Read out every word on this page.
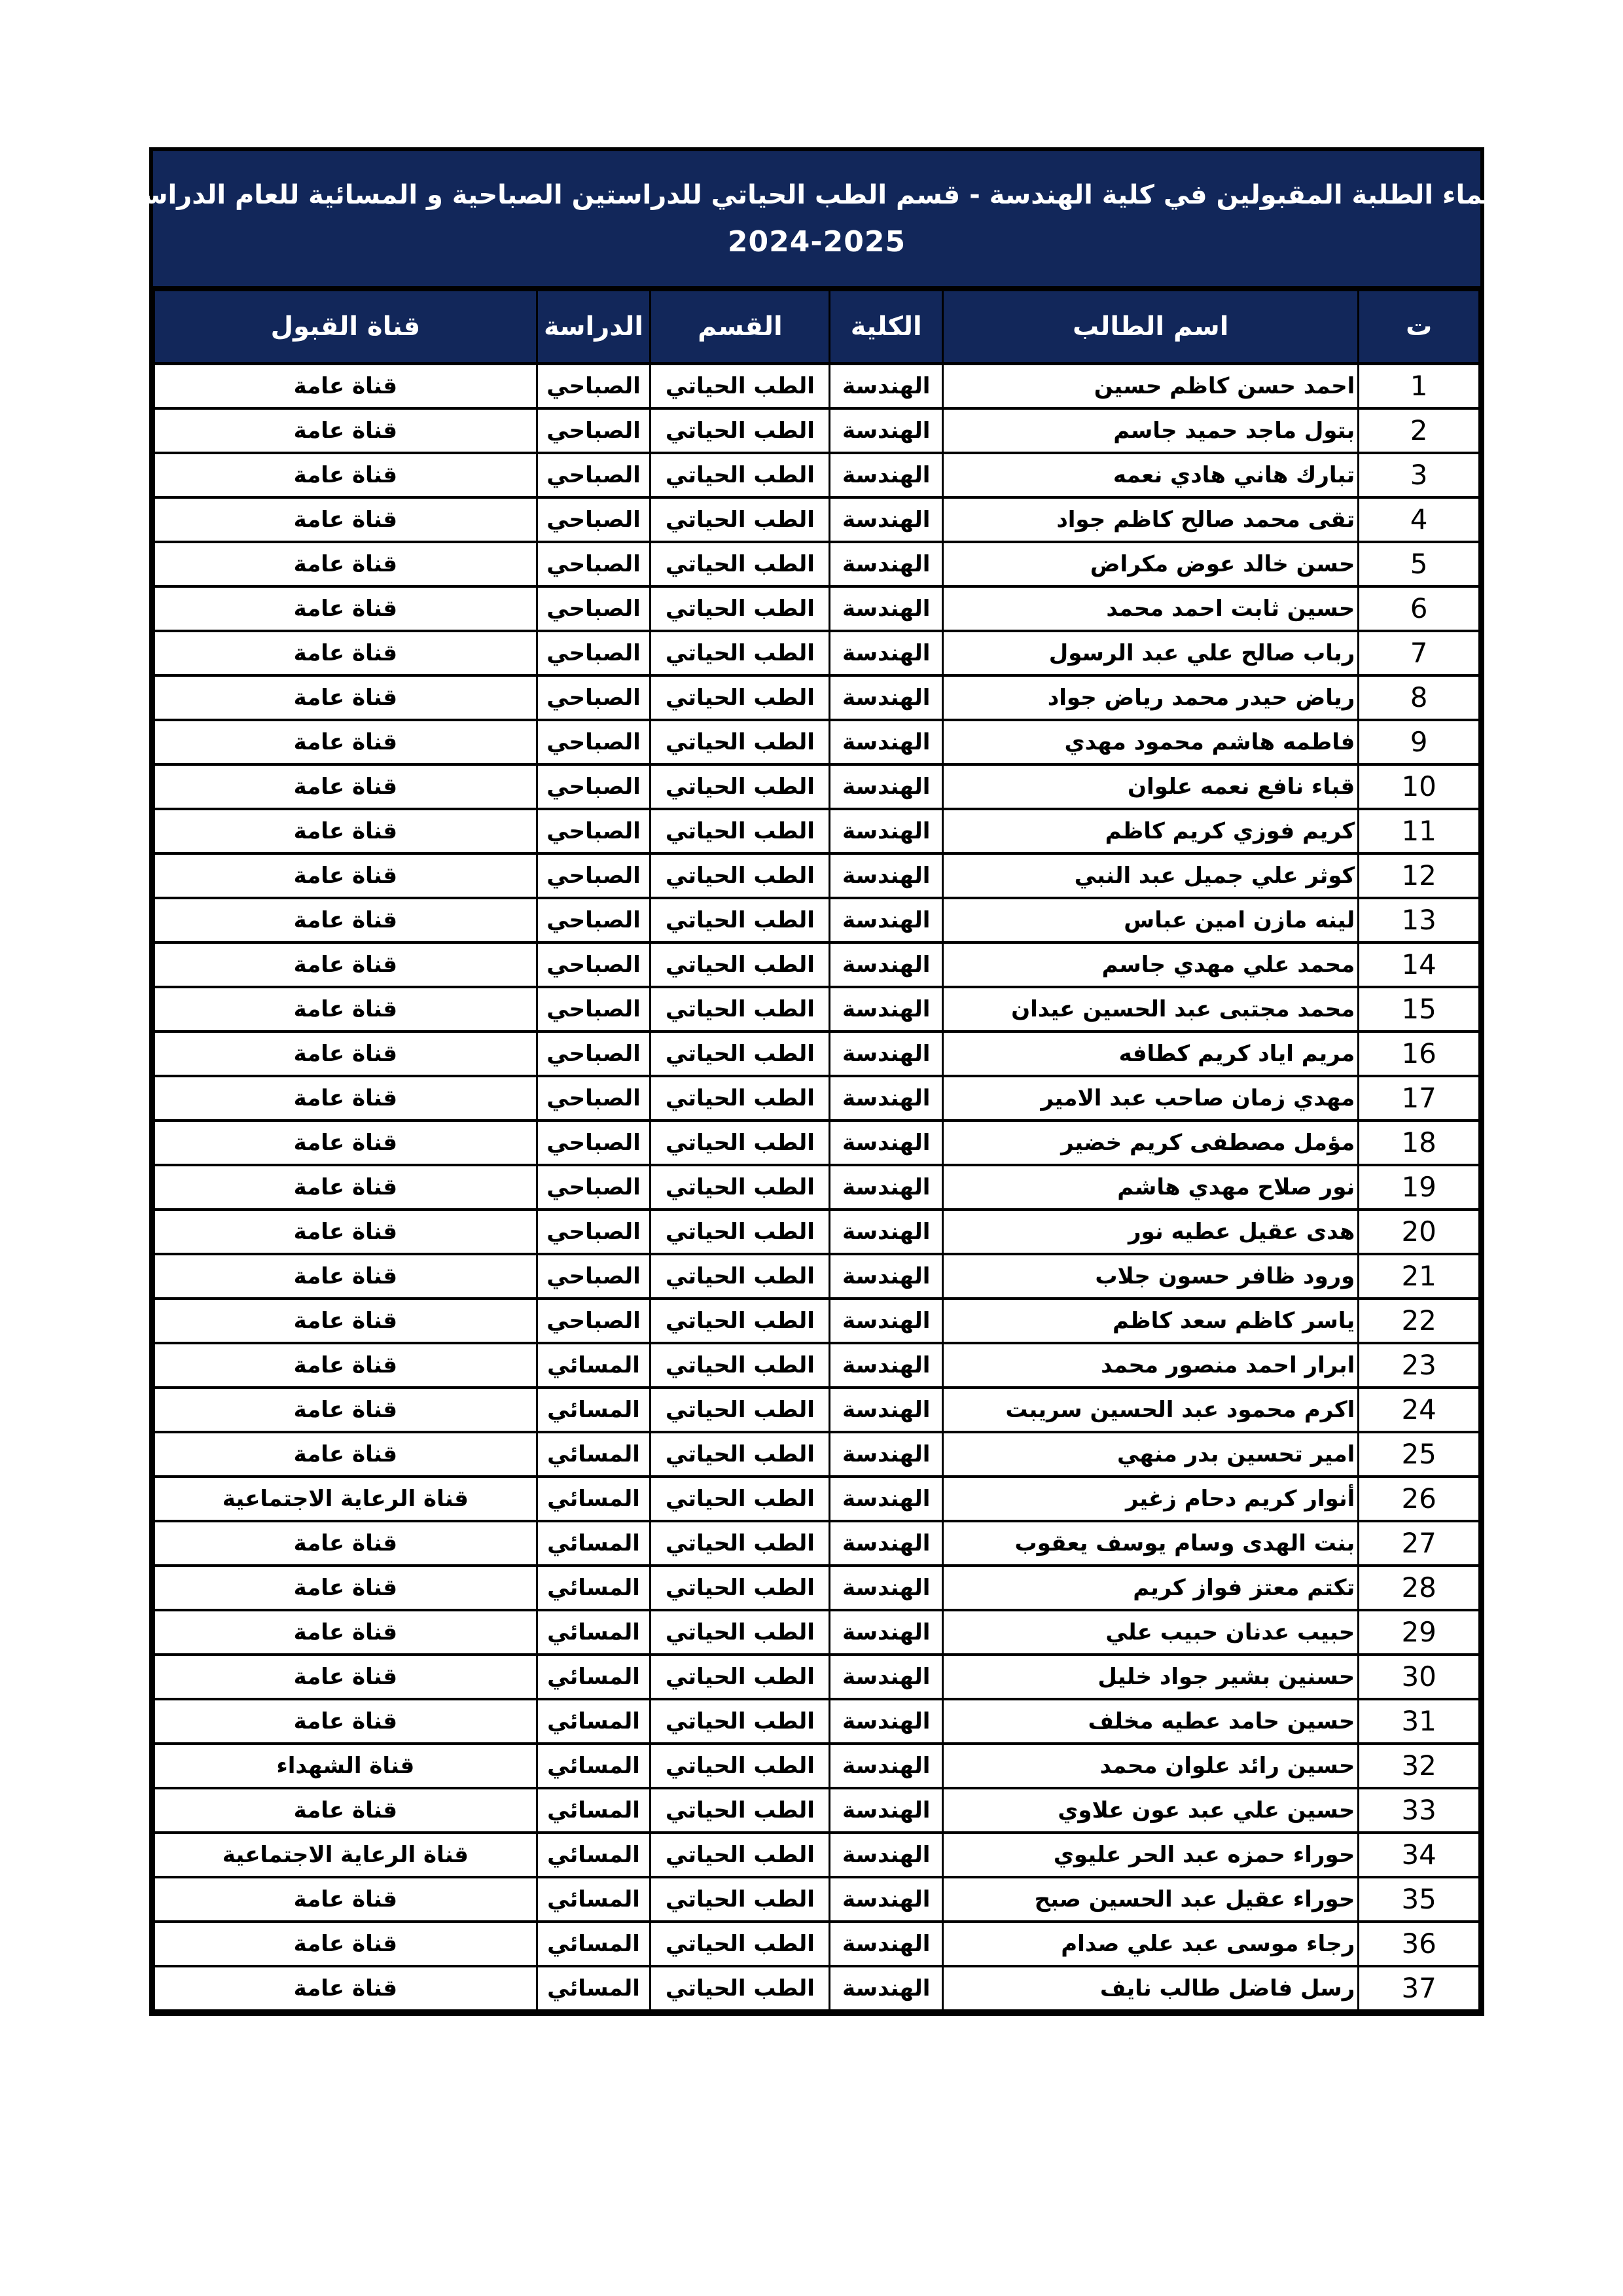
اسماء الطلبة المقبولين في كلية الهندسة - قسم الطب الحياتي للدراستين الصباحية و المسائية للعام الدراسي
2024-2025
ت	اسم الطالب	الكلية	القسم	الدراسة	قناة القبول
1	احمد حسن كاظم حسين	الهندسة	الطب الحياتي	الصباحي	قناة عامة
2	بتول ماجد حميد جاسم	الهندسة	الطب الحياتي	الصباحي	قناة عامة
3	تبارك هاني هادي نعمه	الهندسة	الطب الحياتي	الصباحي	قناة عامة
4	تقى محمد صالح كاظم جواد	الهندسة	الطب الحياتي	الصباحي	قناة عامة
5	حسن خالد عوض مكراض	الهندسة	الطب الحياتي	الصباحي	قناة عامة
6	حسين ثابت احمد محمد	الهندسة	الطب الحياتي	الصباحي	قناة عامة
7	رباب صالح علي عبد الرسول	الهندسة	الطب الحياتي	الصباحي	قناة عامة
8	رياض حيدر محمد رياض جواد	الهندسة	الطب الحياتي	الصباحي	قناة عامة
9	فاطمه هاشم محمود مهدي	الهندسة	الطب الحياتي	الصباحي	قناة عامة
10	قباء نافع نعمه علوان	الهندسة	الطب الحياتي	الصباحي	قناة عامة
11	كريم فوزي كريم كاظم	الهندسة	الطب الحياتي	الصباحي	قناة عامة
12	كوثر علي جميل عبد النبي	الهندسة	الطب الحياتي	الصباحي	قناة عامة
13	لينه مازن امين عباس	الهندسة	الطب الحياتي	الصباحي	قناة عامة
14	محمد علي مهدي جاسم	الهندسة	الطب الحياتي	الصباحي	قناة عامة
15	محمد مجتبى عبد الحسين عيدان	الهندسة	الطب الحياتي	الصباحي	قناة عامة
16	مريم اياد كريم كطافه	الهندسة	الطب الحياتي	الصباحي	قناة عامة
17	مهدي زمان صاحب عبد الامير	الهندسة	الطب الحياتي	الصباحي	قناة عامة
18	مؤمل مصطفى كريم خضير	الهندسة	الطب الحياتي	الصباحي	قناة عامة
19	نور صلاح مهدي هاشم	الهندسة	الطب الحياتي	الصباحي	قناة عامة
20	هدى عقيل عطيه نور	الهندسة	الطب الحياتي	الصباحي	قناة عامة
21	ورود ظافر حسون جلاب	الهندسة	الطب الحياتي	الصباحي	قناة عامة
22	ياسر كاظم سعد كاظم	الهندسة	الطب الحياتي	الصباحي	قناة عامة
23	ابرار احمد منصور محمد	الهندسة	الطب الحياتي	المسائي	قناة عامة
24	اكرم محمود عبد الحسين سريبت	الهندسة	الطب الحياتي	المسائي	قناة عامة
25	امير تحسين بدر منهي	الهندسة	الطب الحياتي	المسائي	قناة عامة
26	أنوار كريم دحام زغير	الهندسة	الطب الحياتي	المسائي	قناة الرعاية الاجتماعية
27	بنت الهدى وسام يوسف يعقوب	الهندسة	الطب الحياتي	المسائي	قناة عامة
28	تكتم معتز فواز كريم	الهندسة	الطب الحياتي	المسائي	قناة عامة
29	حبيب عدنان حبيب علي	الهندسة	الطب الحياتي	المسائي	قناة عامة
30	حسنين بشير جواد خليل	الهندسة	الطب الحياتي	المسائي	قناة عامة
31	حسين حامد عطيه مخلف	الهندسة	الطب الحياتي	المسائي	قناة عامة
32	حسين رائد علوان محمد	الهندسة	الطب الحياتي	المسائي	قناة الشهداء
33	حسين علي عبد عون علاوي	الهندسة	الطب الحياتي	المسائي	قناة عامة
34	حوراء حمزه عبد الحر عليوي	الهندسة	الطب الحياتي	المسائي	قناة الرعاية الاجتماعية
35	حوراء عقيل عبد الحسين صبح	الهندسة	الطب الحياتي	المسائي	قناة عامة
36	رجاء موسى عبد علي صدام	الهندسة	الطب الحياتي	المسائي	قناة عامة
37	رسل فاضل طالب نايف	الهندسة	الطب الحياتي	المسائي	قناة عامة
